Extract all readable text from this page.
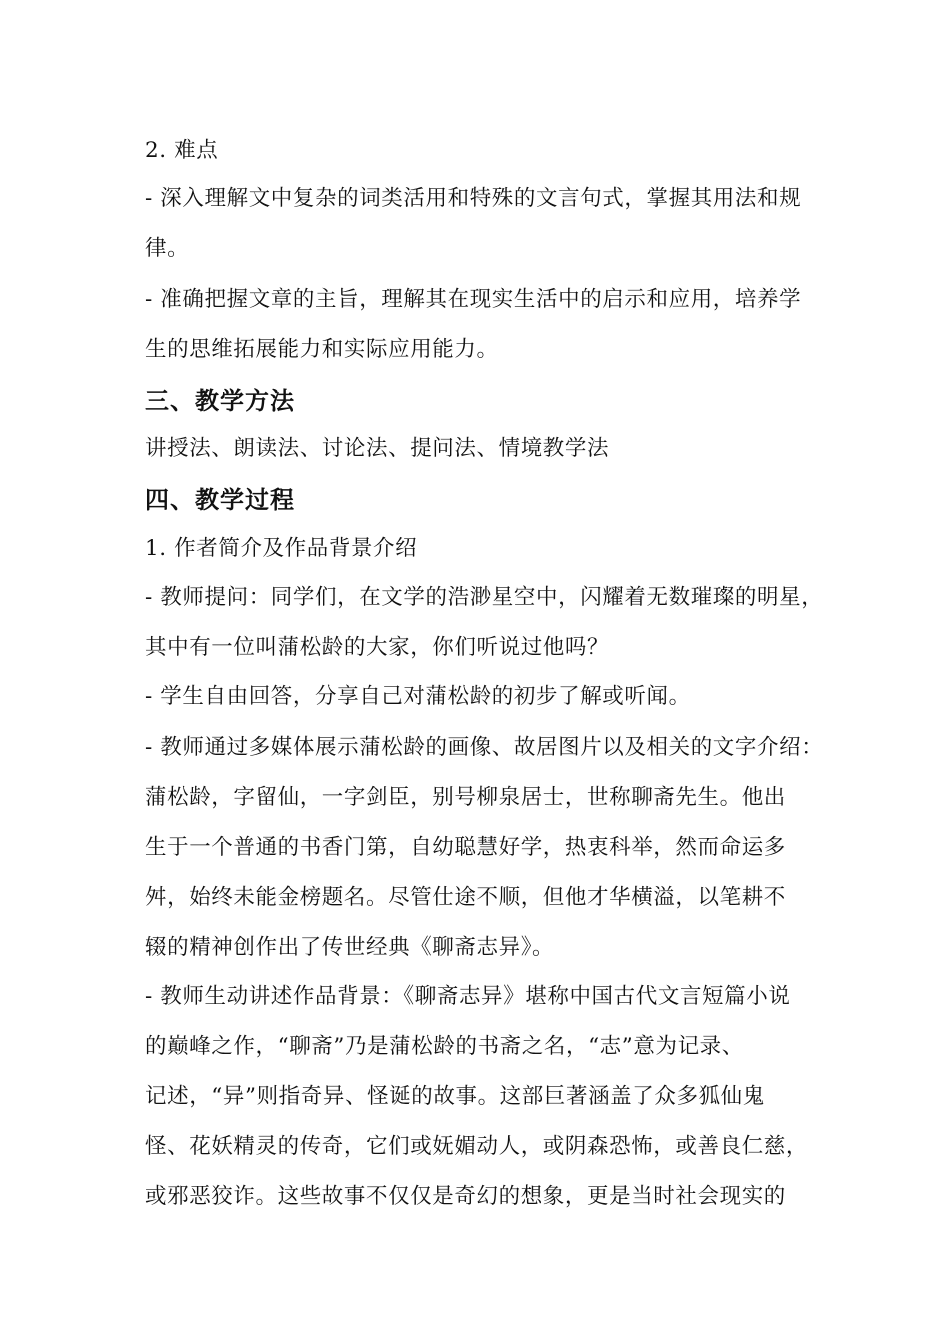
2. 难点
- 深入理解文中复杂的词类活用和特殊的文言句式，掌握其用法和规
律。
- 准确把握文章的主旨，理解其在现实生活中的启示和应用，培养学
生的思维拓展能力和实际应用能力。
三、教学方法
讲授法、朗读法、讨论法、提问法、情境教学法
四、教学过程
1. 作者简介及作品背景介绍
- 教师提问：同学们，在文学的浩渺星空中，闪耀着无数璀璨的明星，
其中有一位叫蒲松龄的大家，你们听说过他吗？
- 学生自由回答，分享自己对蒲松龄的初步了解或听闻。
- 教师通过多媒体展示蒲松龄的画像、故居图片以及相关的文字介绍：
蒲松龄，字留仙，一字剑臣，别号柳泉居士，世称聊斋先生。他出
生于一个普通的书香门第，自幼聪慧好学，热衷科举，然而命运多
舛，始终未能金榜题名。尽管仕途不顺，但他才华横溢，以笔耕不
辍的精神创作出了传世经典《聊斋志异》。
- 教师生动讲述作品背景：《聊斋志异》堪称中国古代文言短篇小说
的巅峰之作，“聊斋”乃是蒲松龄的书斋之名，“志”意为记录、
记述，“异”则指奇异、怪诞的故事。这部巨著涵盖了众多狐仙鬼
怪、花妖精灵的传奇，它们或妩媚动人，或阴森恐怖，或善良仁慈，
或邪恶狡诈。这些故事不仅仅是奇幻的想象，更是当时社会现实的
